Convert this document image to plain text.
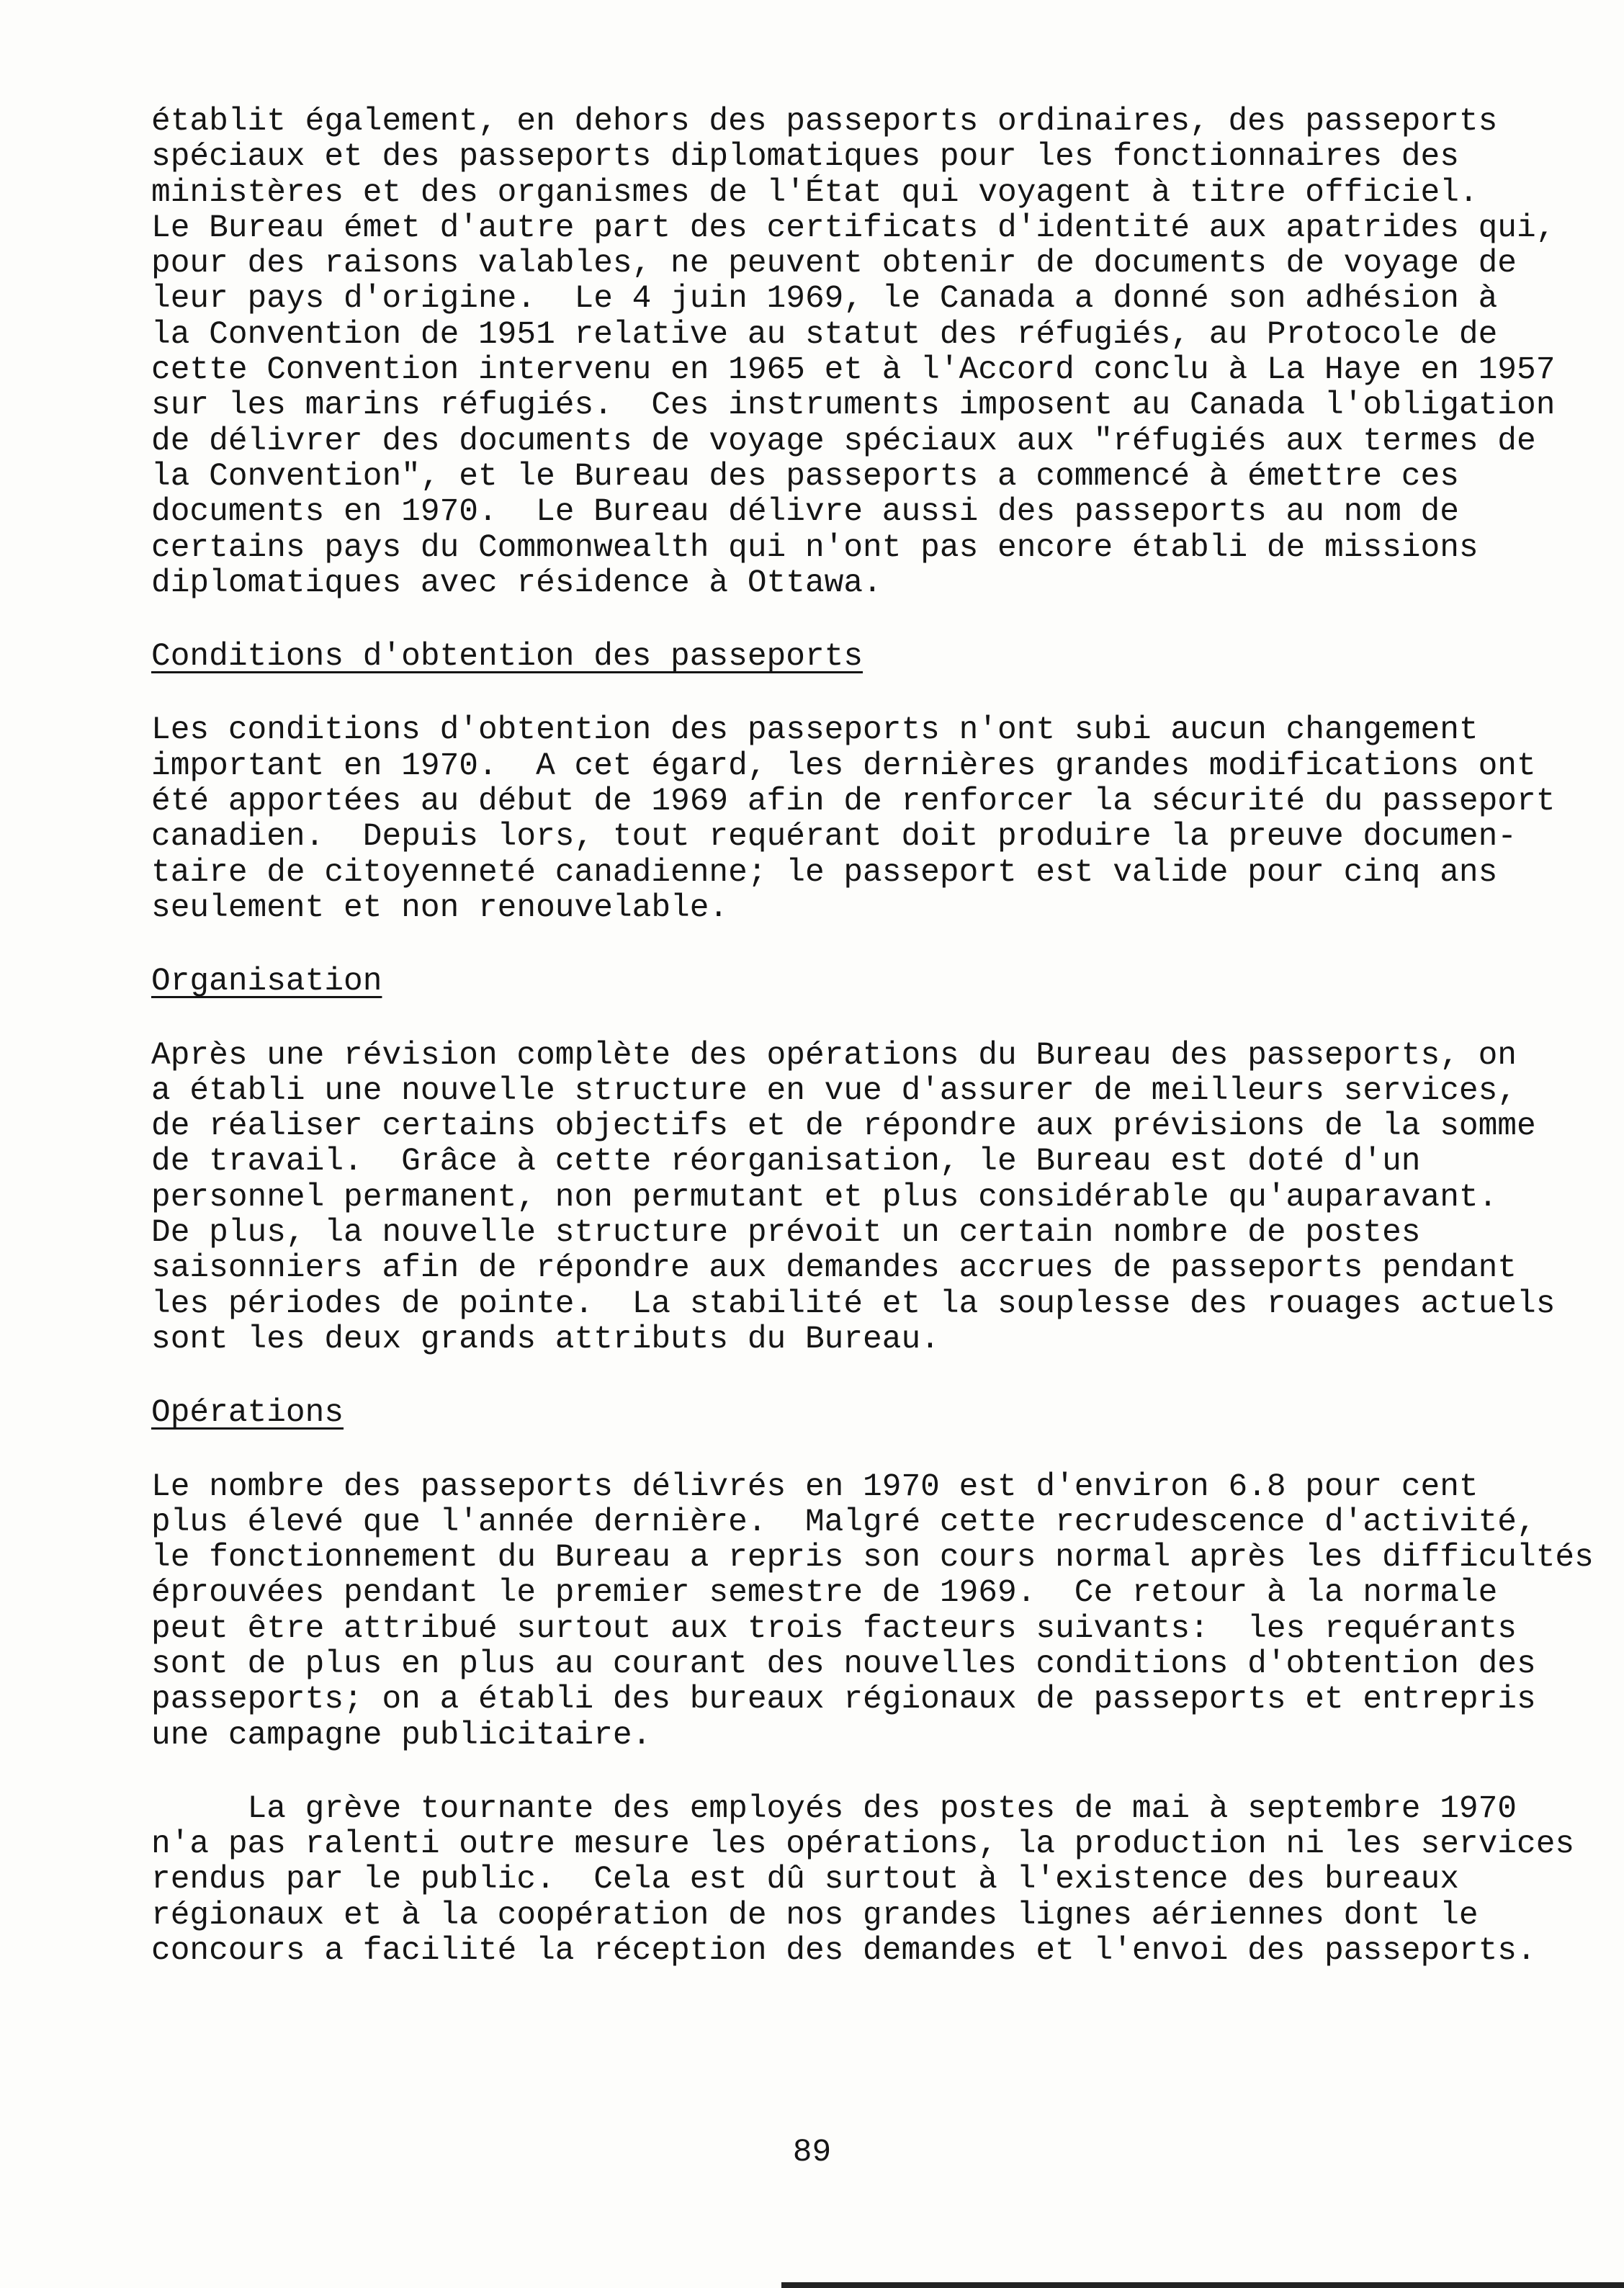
établit également, en dehors des passeports ordinaires, des passeports
spéciaux et des passeports diplomatiques pour les fonctionnaires des
ministères et des organismes de l'État qui voyagent à titre officiel.
Le Bureau émet d'autre part des certificats d'identité aux apatrides qui,
pour des raisons valables, ne peuvent obtenir de documents de voyage de
leur pays d'origine.  Le 4 juin 1969, le Canada a donné son adhésion à
la Convention de 1951 relative au statut des réfugiés, au Protocole de
cette Convention intervenu en 1965 et à l'Accord conclu à La Haye en 1957
sur les marins réfugiés.  Ces instruments imposent au Canada l'obligation
de délivrer des documents de voyage spéciaux aux "réfugiés aux termes de
la Convention", et le Bureau des passeports a commencé à émettre ces
documents en 1970.  Le Bureau délivre aussi des passeports au nom de
certains pays du Commonwealth qui n'ont pas encore établi de missions
diplomatiques avec résidence à Ottawa.
Conditions d'obtention des passeports
Les conditions d'obtention des passeports n'ont subi aucun changement
important en 1970.  A cet égard, les dernières grandes modifications ont
été apportées au début de 1969 afin de renforcer la sécurité du passeport
canadien.  Depuis lors, tout requérant doit produire la preuve documen-
taire de citoyenneté canadienne; le passeport est valide pour cinq ans
seulement et non renouvelable.
Organisation
Après une révision complète des opérations du Bureau des passeports, on
a établi une nouvelle structure en vue d'assurer de meilleurs services,
de réaliser certains objectifs et de répondre aux prévisions de la somme
de travail.  Grâce à cette réorganisation, le Bureau est doté d'un
personnel permanent, non permutant et plus considérable qu'auparavant.
De plus, la nouvelle structure prévoit un certain nombre de postes
saisonniers afin de répondre aux demandes accrues de passeports pendant
les périodes de pointe.  La stabilité et la souplesse des rouages actuels
sont les deux grands attributs du Bureau.
Opérations
Le nombre des passeports délivrés en 1970 est d'environ 6.8 pour cent
plus élevé que l'année dernière.  Malgré cette recrudescence d'activité,
le fonctionnement du Bureau a repris son cours normal après les difficultés
éprouvées pendant le premier semestre de 1969.  Ce retour à la normale
peut être attribué surtout aux trois facteurs suivants:  les requérants
sont de plus en plus au courant des nouvelles conditions d'obtention des
passeports; on a établi des bureaux régionaux de passeports et entrepris
une campagne publicitaire.
La grève tournante des employés des postes de mai à septembre 1970
n'a pas ralenti outre mesure les opérations, la production ni les services
rendus par le public.  Cela est dû surtout à l'existence des bureaux
régionaux et à la coopération de nos grandes lignes aériennes dont le
concours a facilité la réception des demandes et l'envoi des passeports.
89
